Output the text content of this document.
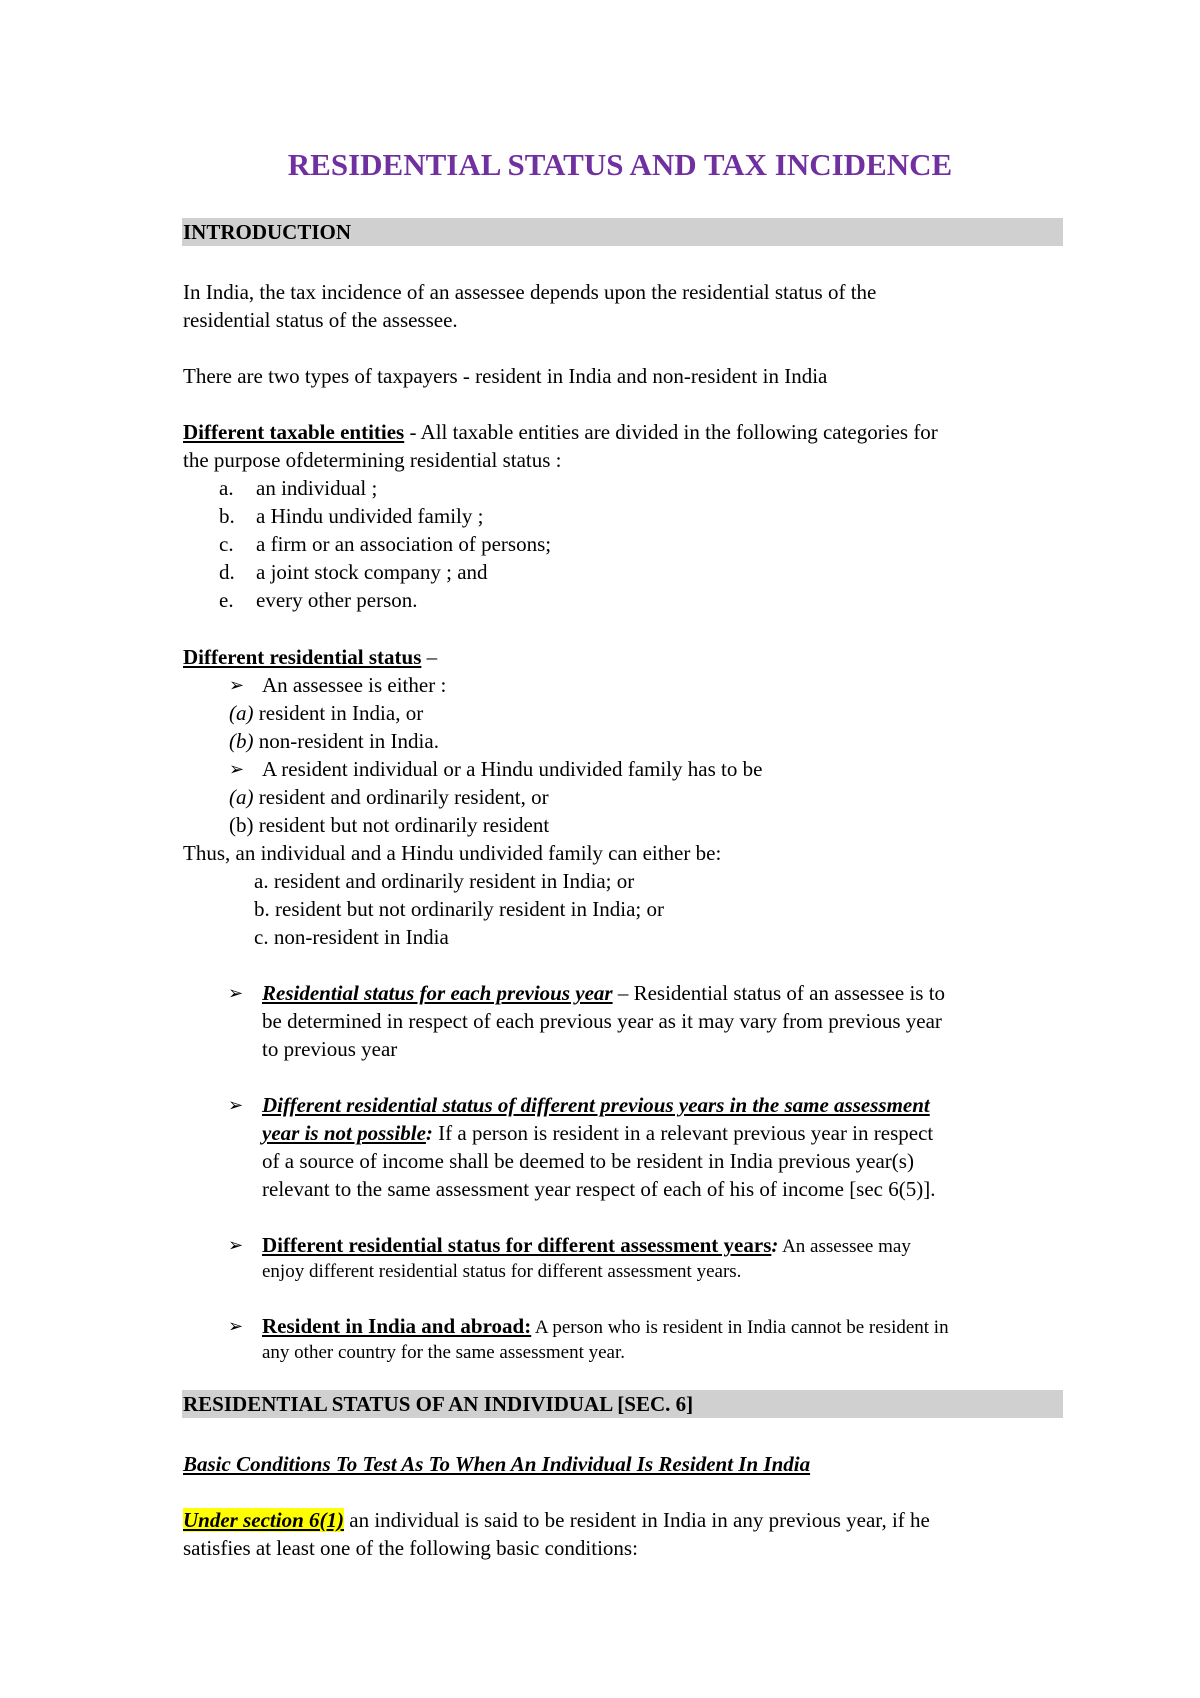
RESIDENTIAL STATUS AND TAX INCIDENCE
INTRODUCTION
In India, the tax incidence of an assessee depends upon the residential status of the
residential status of the assessee.
There are two types of taxpayers - resident in India and non-resident in India
Different taxable entities - All taxable entities are divided in the following categories for
the purpose ofdetermining residential status :
a. an individual ;
b. a Hindu undivided family ;
c. a firm or an association of persons;
d. a joint stock company ; and
e. every other person.
Different residential status –
➢ An assessee is either :
(a) resident in India, or
(b) non-resident in India.
➢ A resident individual or a Hindu undivided family has to be
(a) resident and ordinarily resident, or
(b) resident but not ordinarily resident
Thus, an individual and a Hindu undivided family can either be:
a. resident and ordinarily resident in India; or
b. resident but not ordinarily resident in India; or
c. non-resident in India
➢ Residential status for each previous year – Residential status of an assessee is to
be determined in respect of each previous year as it may vary from previous year
to previous year
➢ Different residential status of different previous years in the same assessment
year is not possible: If a person is resident in a relevant previous year in respect
of a source of income shall be deemed to be resident in India previous year(s)
relevant to the same assessment year respect of each of his of income [sec 6(5)].
➢ Different residential status for different assessment years: An assessee may
enjoy different residential status for different assessment years.
➢ Resident in India and abroad: A person who is resident in India cannot be resident in
any other country for the same assessment year.
RESIDENTIAL STATUS OF AN INDIVIDUAL [SEC. 6]
Basic Conditions To Test As To When An Individual Is Resident In India
Under section 6(1) an individual is said to be resident in India in any previous year, if he
satisfies at least one of the following basic conditions:
